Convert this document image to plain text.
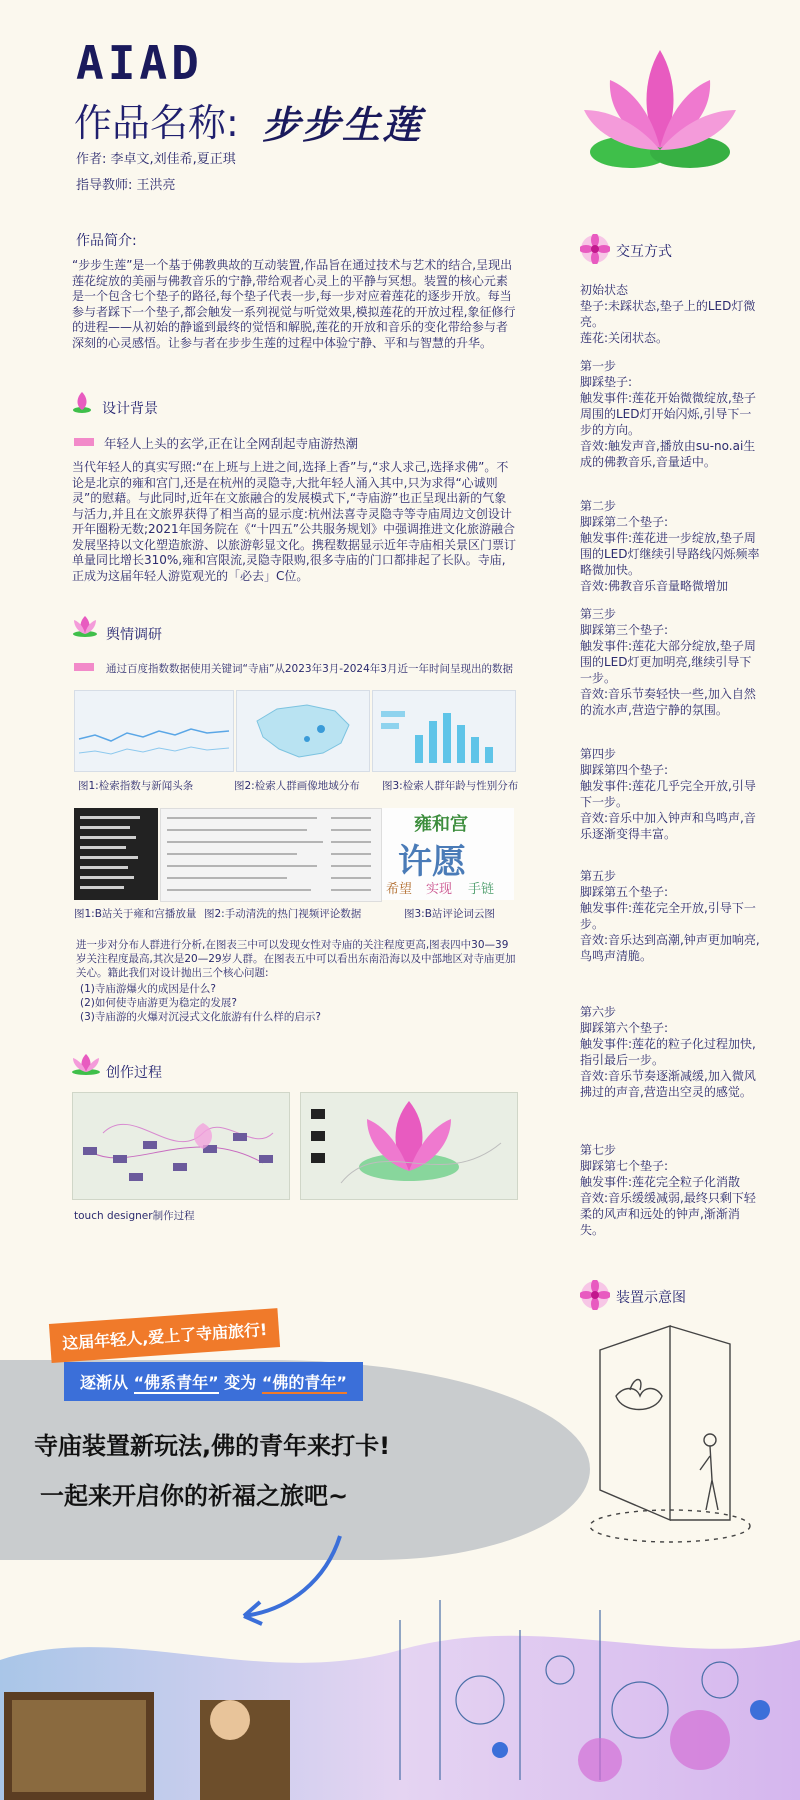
AIAD
作品名称: 步步生莲
作者: 李卓文,刘佳希,夏正琪
指导教师: 王洪亮
作品简介:
“步步生莲”是一个基于佛教典故的互动装置,作品旨在通过技术与艺术的结合,呈现出莲花绽放的美丽与佛教音乐的宁静,带给观者心灵上的平静与冥想。装置的核心元素是一个包含七个垫子的路径,每个垫子代表一步,每一步对应着莲花的逐步开放。每当参与者踩下一个垫子,都会触发一系列视觉与听觉效果,模拟莲花的开放过程,象征修行的进程——从初始的静谧到最终的觉悟和解脱,莲花的开放和音乐的变化带给参与者深刻的心灵感悟。让参与者在步步生莲的过程中体验宁静、平和与智慧的升华。
设计背景
年轻人上头的玄学,正在让全网刮起寺庙游热潮
当代年轻人的真实写照:“在上班与上进之间,选择上香”与,“求人求己,选择求佛”。不论是北京的雍和宫门,还是在杭州的灵隐寺,大批年轻人涌入其中,只为求得“心诚则灵”的慰藉。与此同时,近年在文旅融合的发展模式下,“寺庙游”也正呈现出新的气象与活力,并且在文旅界获得了相当高的显示度:杭州法喜寺灵隐寺等寺庙周边文创设计开年圈粉无数;2021年国务院在《“十四五”公共服务规划》中强调推进文化旅游融合发展坚持以文化塑造旅游、以旅游彰显文化。携程数据显示近年寺庙相关景区门票订单量同比增长310%,雍和宫限流,灵隐寺限购,很多寺庙的门口都排起了长队。寺庙,正成为这届年轻人游览观光的「必去」C位。
舆情调研
通过百度指数数据使用关键词“寺庙”从2023年3月-2024年3月近一年时间呈现出的数据
图1:检索指数与新闻头条	图2:检索人群画像地域分布 图3:检索人群年龄与性别分布
雍和宫
许愿
希望 实现 手链
图1:B站关于雍和宫播放量 图2:手动清洗的热门视频评论数据	图3:B站评论词云图
进一步对分布人群进行分析,在图表三中可以发现女性对寺庙的关注程度更高,图表四中30—39岁关注程度最高,其次是20—29岁人群。在图表五中可以看出东南沿海以及中部地区对寺庙更加关心。籍此我们对设计抛出三个核心问题:
(1)寺庙游爆火的成因是什么?
(2)如何使寺庙游更为稳定的发展?
(3)寺庙游的火爆对沉浸式文化旅游有什么样的启示?
创作过程
touch designer制作过程
交互方式
初始状态
垫子:未踩状态,垫子上的LED灯微亮。
莲花:关闭状态。
第一步
脚踩垫子:
触发事件:莲花开始微微绽放,垫子周围的LED灯开始闪烁,引导下一步的方向。
音效:触发声音,播放由su-no.ai生成的佛教音乐,音量适中。
第二步
脚踩第二个垫子:
触发事件:莲花进一步绽放,垫子周围的LED灯继续引导路线闪烁频率略微加快。
音效:佛教音乐音量略微增加
第三步
脚踩第三个垫子:
触发事件:莲花大部分绽放,垫子周围的LED灯更加明亮,继续引导下一步。
音效:音乐节奏轻快一些,加入自然的流水声,营造宁静的氛围。
第四步
脚踩第四个垫子:
触发事件:莲花几乎完全开放,引导下一步。
音效:音乐中加入钟声和鸟鸣声,音乐逐渐变得丰富。
第五步
脚踩第五个垫子:
触发事件:莲花完全开放,引导下一步。
音效:音乐达到高潮,钟声更加响亮,鸟鸣声清脆。
第六步
脚踩第六个垫子:
触发事件:莲花的粒子化过程加快,指引最后一步。
音效:音乐节奏逐渐减缓,加入微风拂过的声音,营造出空灵的感觉。
第七步
脚踩第七个垫子:
触发事件:莲花完全粒子化消散
音效:音乐缓缓减弱,最终只剩下轻柔的风声和远处的钟声,渐渐消失。
装置示意图
这届年轻人,爱上了寺庙旅行!
逐渐从 “佛系青年” 变为 “佛的青年”
寺庙装置新玩法,佛的青年来打卡!
一起来开启你的祈福之旅吧~
